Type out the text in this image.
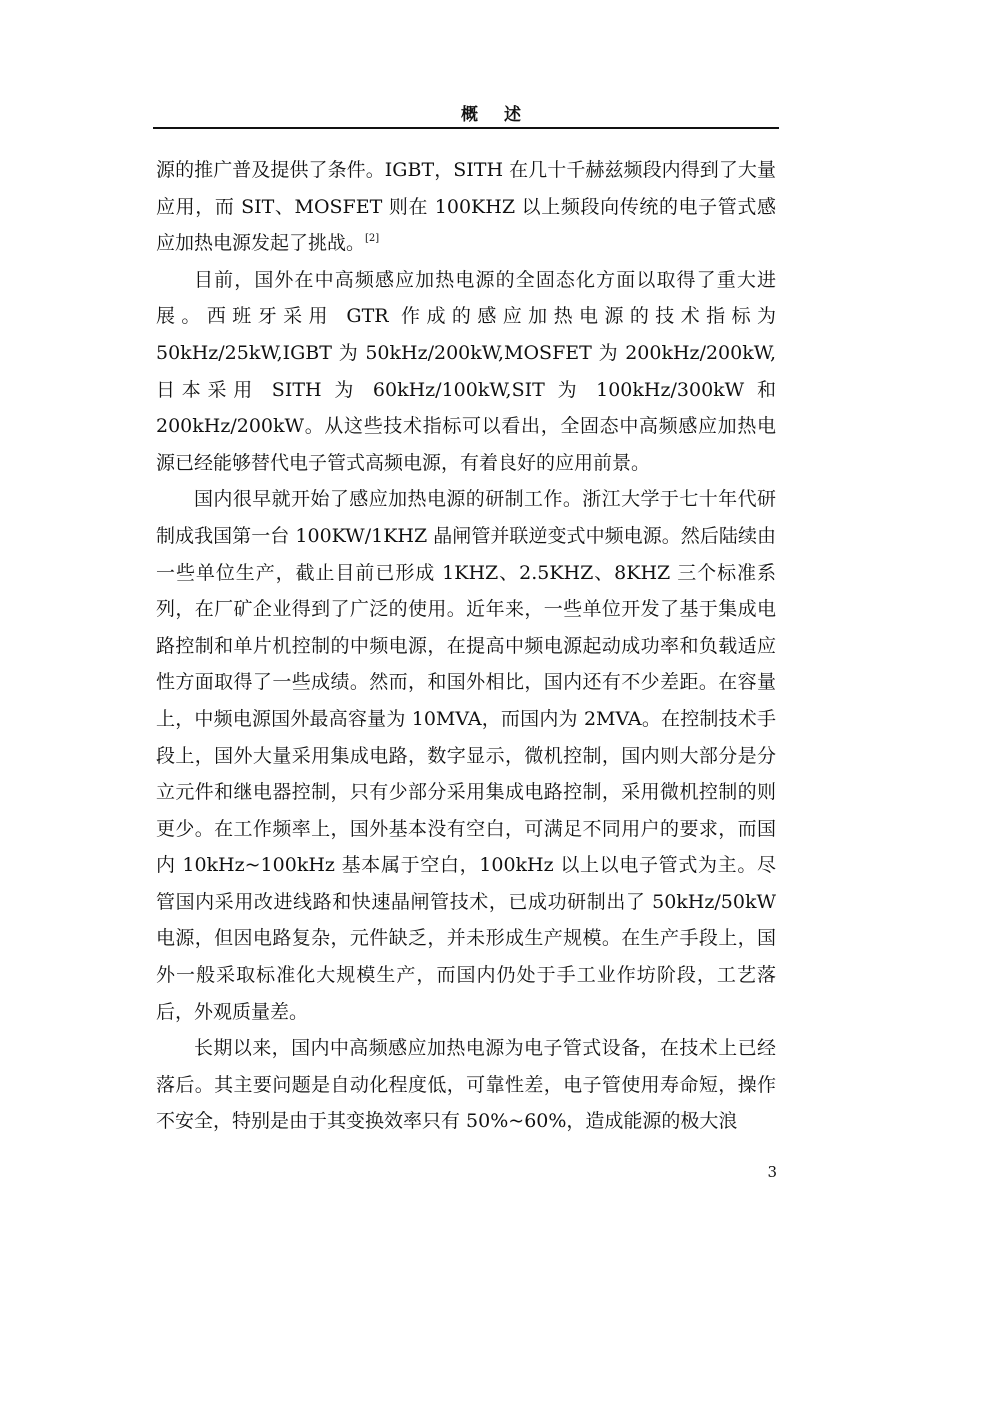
概 述

源的推广普及提供了条件。IGBT，SITH 在几十千赫兹频段内得到了大量应用，而 SIT、MOSFET 则在 100KHZ 以上频段向传统的电子管式感应加热电源发起了挑战。[2]

目前，国外在中高频感应加热电源的全固态化方面以取得了重大进展。西班牙采用 GTR 作成的感应加热电源的技术指标为 50kHz/25kW,IGBT 为 50kHz/200kW,MOSFET 为 200kHz/200kW,日本采用 SITH 为 60kHz/100kW,SIT 为 100kHz/300kW 和 200kHz/200kW。从这些技术指标可以看出，全固态中高频感应加热电源已经能够替代电子管式高频电源，有着良好的应用前景。

国内很早就开始了感应加热电源的研制工作。浙江大学于七十年代研制成我国第一台 100KW/1KHZ 晶闸管并联逆变式中频电源。然后陆续由一些单位生产，截止目前已形成 1KHZ、2.5KHZ、8KHZ 三个标准系列，在厂矿企业得到了广泛的使用。近年来，一些单位开发了基于集成电路控制和单片机控制的中频电源，在提高中频电源起动成功率和负载适应性方面取得了一些成绩。然而，和国外相比，国内还有不少差距。在容量上，中频电源国外最高容量为 10MVA，而国内为 2MVA。在控制技术手段上，国外大量采用集成电路，数字显示，微机控制，国内则大部分是分立元件和继电器控制，只有少部分采用集成电路控制，采用微机控制的则更少。在工作频率上，国外基本没有空白，可满足不同用户的要求，而国内 10kHz~100kHz 基本属于空白，100kHz 以上以电子管式为主。尽管国内采用改进线路和快速晶闸管技术，已成功研制出了 50kHz/50kW 电源，但因电路复杂，元件缺乏，并未形成生产规模。在生产手段上，国外一般采取标准化大规模生产，而国内仍处于手工业作坊阶段，工艺落后，外观质量差。

长期以来，国内中高频感应加热电源为电子管式设备，在技术上已经落后。其主要问题是自动化程度低，可靠性差，电子管使用寿命短，操作不安全，特别是由于其变换效率只有 50%~60%，造成能源的极大浪

3
